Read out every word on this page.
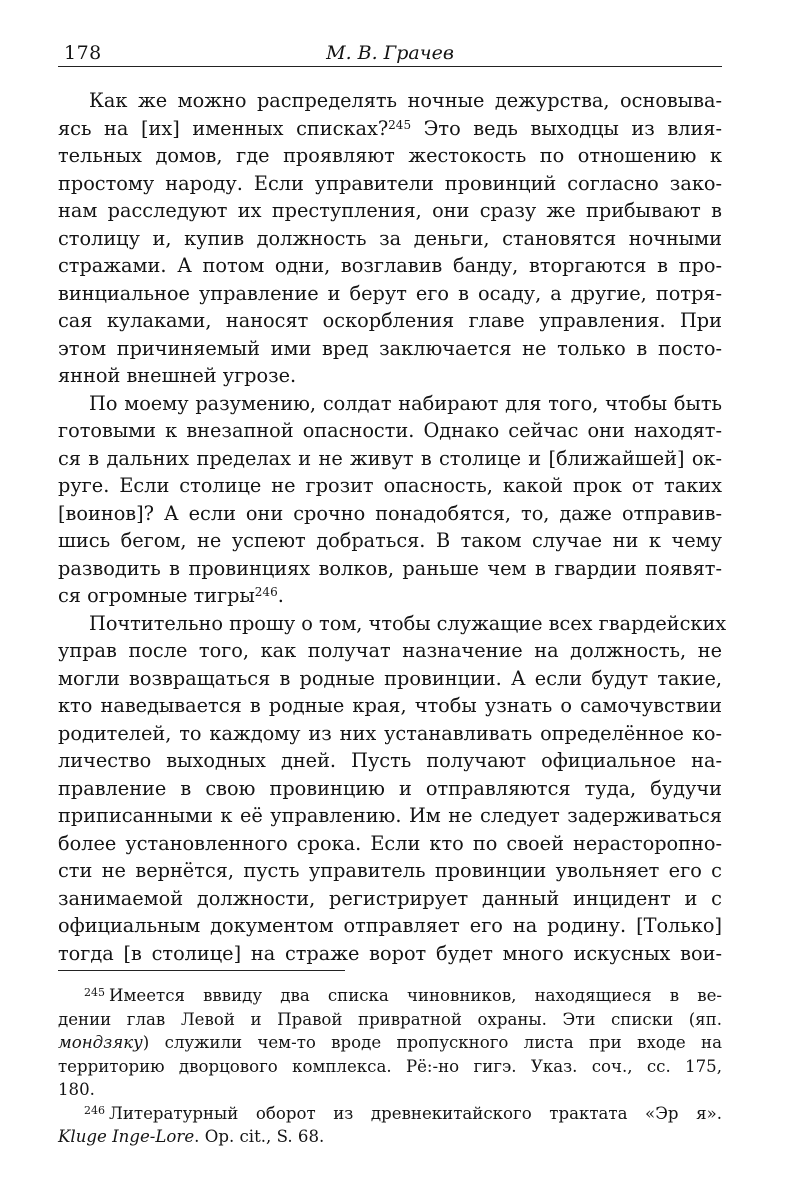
178	М. В. Грачев
Как же можно распределять ночные дежурства, основыва-
ясь на [их] именных списках?$^{245}$ Это ведь выходцы из влия-
тельных домов, где проявляют жестокость по отношению к
простому народу. Если управители провинций согласно зако-
нам расследуют их преступления, они сразу же прибывают в
столицу и, купив должность за деньги, становятся ночными
стражами. А потом одни, возглавив банду, вторгаются в про-
винциальное управление и берут его в осаду, а другие, потря-
сая кулаками, наносят оскорбления главе управления. При
этом причиняемый ими вред заключается не только в посто-
янной внешней угрозе.
По моему разумению, солдат набирают для того, чтобы быть
готовыми к внезапной опасности. Однако сейчас они находят-
ся в дальних пределах и не живут в столице и [ближайшей] ок-
руге. Если столице не грозит опасность, какой прок от таких
[воинов]? А если они срочно понадобятся, то, даже отправив-
шись бегом, не успеют добраться. В таком случае ни к чему
разводить в провинциях волков, раньше чем в гвардии появят-
ся огромные тигры$^{246}$.
Почтительно прошу о том, чтобы служащие всех гвардейских
управ после того, как получат назначение на должность, не
могли возвращаться в родные провинции. А если будут такие,
кто наведывается в родные края, чтобы узнать о самочувствии
родителей, то каждому из них устанавливать определённое ко-
личество выходных дней. Пусть получают официальное на-
правление в свою провинцию и отправляются туда, будучи
приписанными к её управлению. Им не следует задерживаться
более установленного срока. Если кто по своей нерасторопно-
сти не вернётся, пусть управитель провинции увольняет его с
занимаемой должности, регистрирует данный инцидент и с
официальным документом отправляет его на родину. [Только]
тогда [в столице] на страже ворот будет много искусных вои-
$^{245}$ Имеется вввиду два списка чиновников, находящиеся в ве-
дении глав Левой и Правой привратной охраны. Эти списки (яп.
мондзяку) служили чем-то вроде пропускного листа при входе на
территорию дворцового комплекса. Рё:-но гигэ. Указ. соч., сс. 175,
180.
$^{246}$ Литературный оборот из древнекитайского трактата «Эр я».
Kluge Inge-Lore. Op. cit., S. 68.
